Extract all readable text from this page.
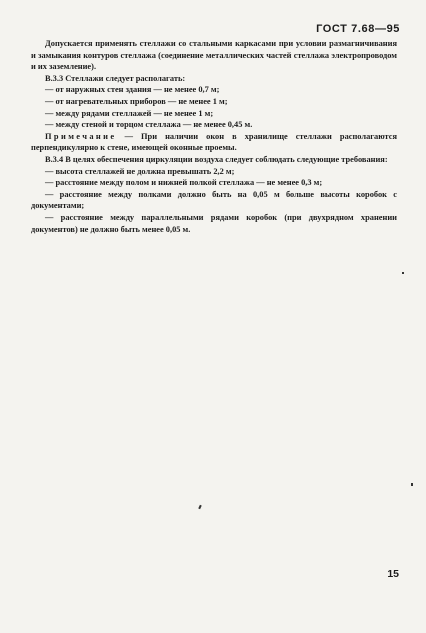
ГОСТ 7.68—95

Допускается применять стеллажи со стальными каркасами при условии размагничивания и замыкания контуров стеллажа (соединение металлических частей стеллажа электропроводом и их заземление).

В.3.3 Стеллажи следует располагать:

— от наружных стен здания — не менее 0,7 м;

— от нагревательных приборов — не менее 1 м;

— между рядами стеллажей — не менее 1 м;

— между стеной и торцом стеллажа — не менее 0,45 м.

Примечание — При наличии окон в хранилище стеллажи располагаются перпендикулярно к стене, имеющей оконные проемы.

В.3.4 В целях обеспечения циркуляции воздуха следует соблюдать следующие требования:

— высота стеллажей не должна превышать 2,2 м;

— расстояние между полом и нижней полкой стеллажа — не менее 0,3 м;

— расстояние между полками должно быть на 0,05 м больше высоты коробок с документами;

— расстояние между параллельными рядами коробок (при двухрядном хранении документов) не должно быть менее 0,05 м.

15
